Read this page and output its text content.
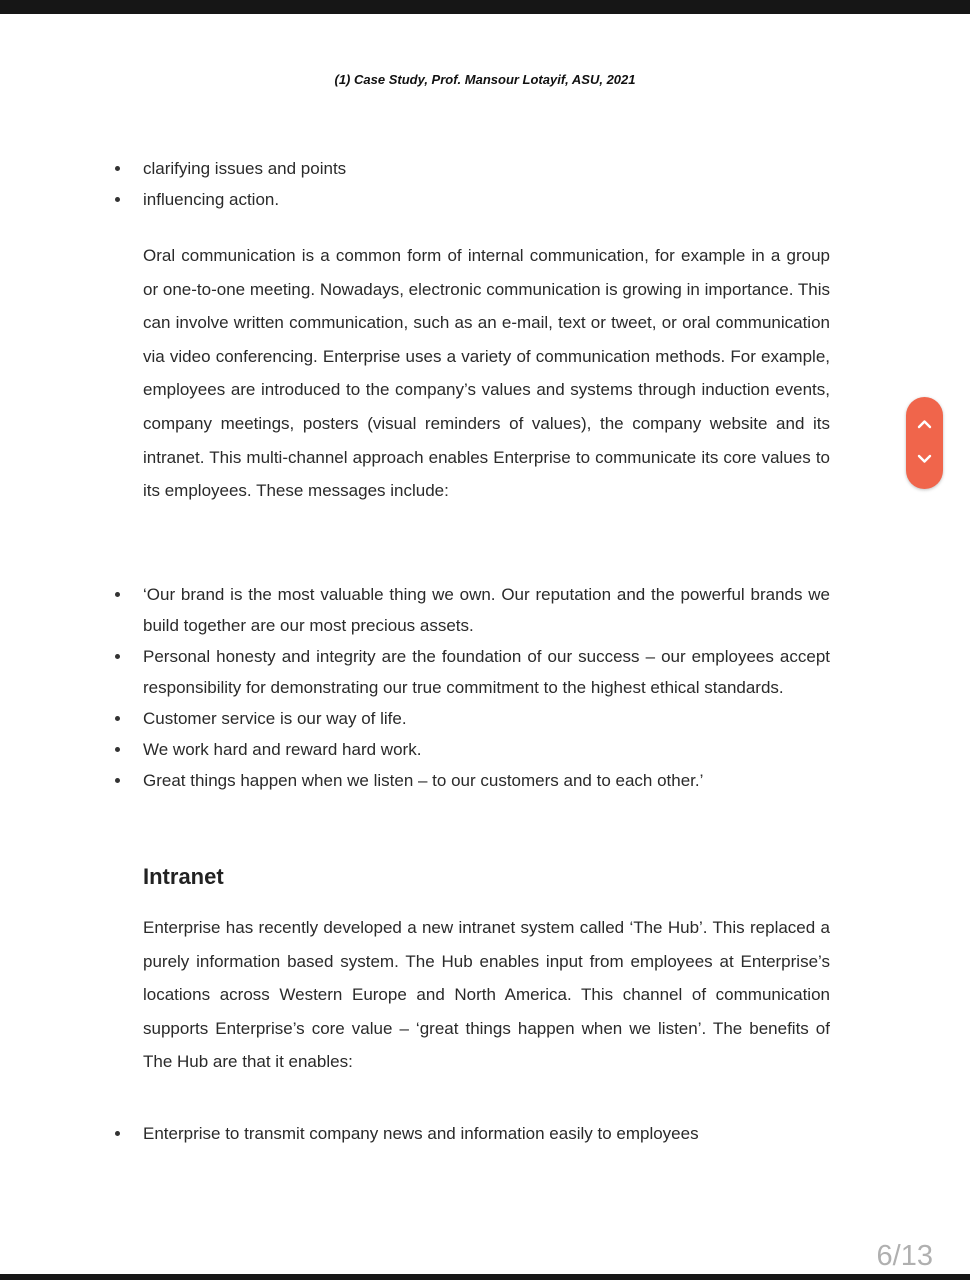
(1) Case Study, Prof. Mansour Lotayif, ASU, 2021
clarifying issues and points
influencing action.

Oral communication is a common form of internal communication, for example in a group or one-to-one meeting. Nowadays, electronic communication is growing in importance. This can involve written communication, such as an e-mail, text or tweet, or oral communication via video conferencing. Enterprise uses a variety of communication methods. For example, employees are introduced to the company’s values and systems through induction events, company meetings, posters (visual reminders of values), the company website and its intranet. This multi-channel approach enables Enterprise to communicate its core values to its employees. These messages include:

‘Our brand is the most valuable thing we own. Our reputation and the powerful brands we build together are our most precious assets.
Personal honesty and integrity are the foundation of our success – our employees accept responsibility for demonstrating our true commitment to the highest ethical standards.
Customer service is our way of life.
We work hard and reward hard work.
Great things happen when we listen – to our customers and to each other.’
Intranet

Enterprise has recently developed a new intranet system called ‘The Hub’. This replaced a purely information based system. The Hub enables input from employees at Enterprise’s locations across Western Europe and North America. This channel of communication supports Enterprise’s core value – ‘great things happen when we listen’. The benefits of The Hub are that it enables:

Enterprise to transmit company news and information easily to employees
6/13
